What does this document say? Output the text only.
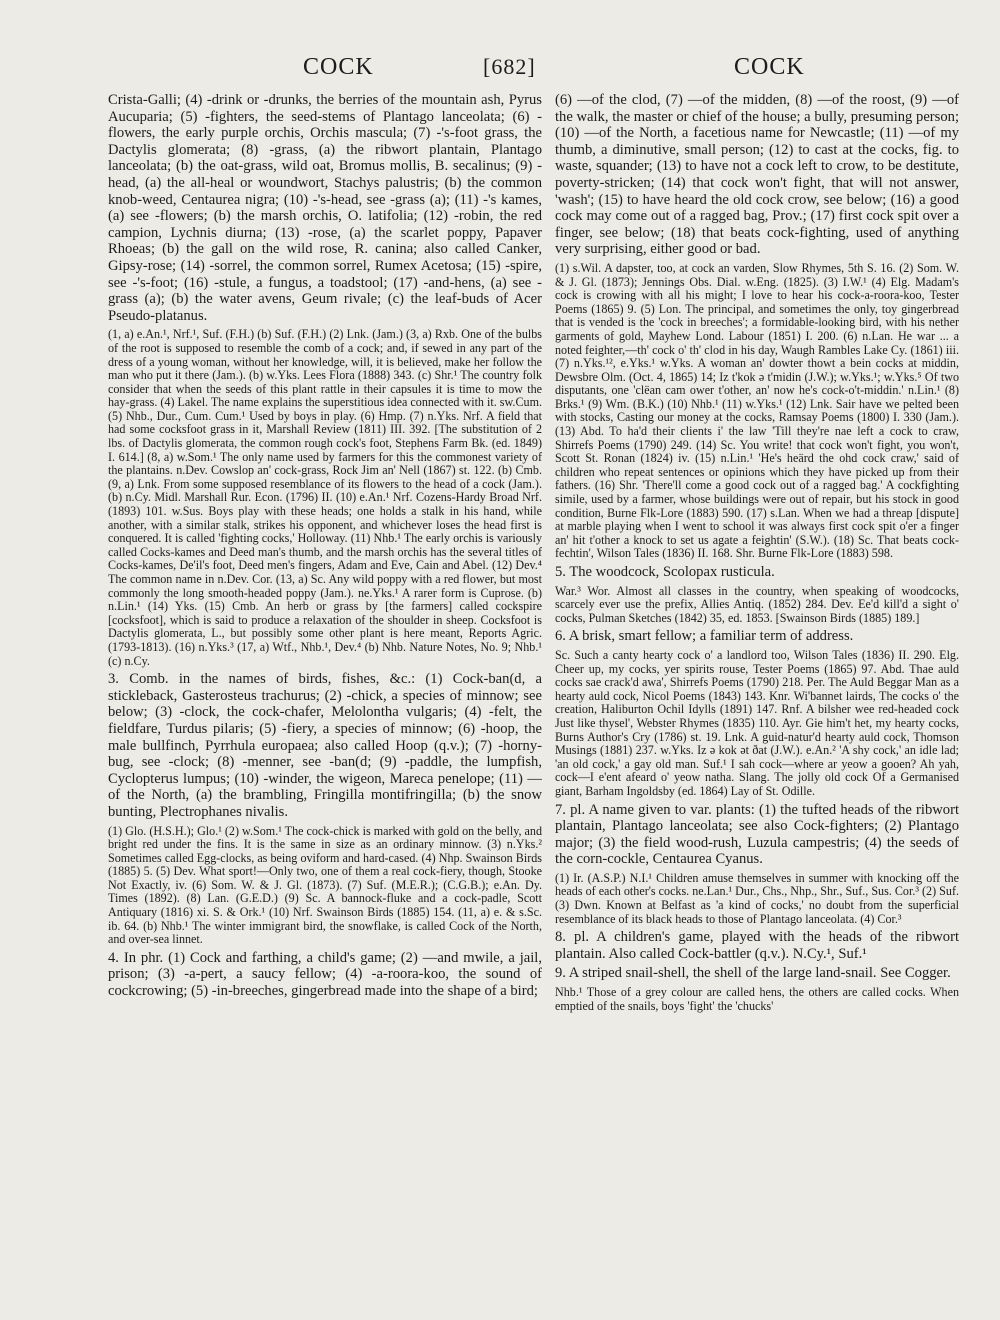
COCK	[682]	COCK

Crista-Galli; (4) -drink or -drunks, the berries of the mountain ash, Pyrus Aucuparia; (5) -fighters, the seed-stems of Plantago lanceolata; (6) -flowers, the early purple orchis, Orchis mascula; (7) -'s-foot grass, the Dactylis glomerata; (8) -grass, (a) the ribwort plantain, Plantago lanceolata; (b) the oat-grass, wild oat, Bromus mollis, B. secalinus; (9) -head, (a) the all-heal or woundwort, Stachys palustris; (b) the common knob-weed, Centaurea nigra; (10) -'s-head, see -grass (a); (11) -'s kames, (a) see -flowers; (b) the marsh orchis, O. latifolia; (12) -robin, the red campion, Lychnis diurna; (13) -rose, (a) the scarlet poppy, Papaver Rhoeas; (b) the gall on the wild rose, R. canina; also called Canker, Gipsy-rose; (14) -sorrel, the common sorrel, Rumex Acetosa; (15) -spire, see -'s-foot; (16) -stule, a fungus, a toadstool; (17) -and-hens, (a) see -grass (a); (b) the water avens, Geum rivale; (c) the leaf-buds of Acer Pseudo-platanus.

(1, a) e.An.¹, Nrf.¹, Suf. (F.H.) (b) Suf. (F.H.) (2) Lnk. (Jam.) (3, a) Rxb. One of the bulbs of the root is supposed to resemble the comb of a cock; and, if sewed in any part of the dress of a young woman, without her knowledge, will, it is believed, make her follow the man who put it there (Jam.). (b) w.Yks. Lees Flora (1888) 343. (c) Shr.¹ The country folk consider that when the seeds of this plant rattle in their capsules it is time to mow the hay-grass. (4) Lakel. The name explains the superstitious idea connected with it. sw.Cum. (5) Nhb., Dur., Cum. Cum.¹ Used by boys in play. (6) Hmp. (7) n.Yks. Nrf. A field that had some cocksfoot grass in it, Marshall Review (1811) III. 392. [The substitution of 2 lbs. of Dactylis glomerata, the common rough cock's foot, Stephens Farm Bk. (ed. 1849) I. 614.] (8, a) w.Som.¹ The only name used by farmers for this the commonest variety of the plantains. n.Dev. Cowslop an' cock-grass, Rock Jim an' Nell (1867) st. 122. (b) Cmb. (9, a) Lnk. From some supposed resemblance of its flowers to the head of a cock (Jam.). (b) n.Cy. Midl. Marshall Rur. Econ. (1796) II. (10) e.An.¹ Nrf. Cozens-Hardy Broad Nrf. (1893) 101. w.Sus. Boys play with these heads; one holds a stalk in his hand, while another, with a similar stalk, strikes his opponent, and whichever loses the head first is conquered. It is called 'fighting cocks,' Holloway. (11) Nhb.¹ The early orchis is variously called Cocks-kames and Deed man's thumb, and the marsh orchis has the several titles of Cocks-kames, De'il's foot, Deed men's fingers, Adam and Eve, Cain and Abel. (12) Dev.⁴ The common name in n.Dev. Cor. (13, a) Sc. Any wild poppy with a red flower, but most commonly the long smooth-headed poppy (Jam.). ne.Yks.¹ A rarer form is Cuprose. (b) n.Lin.¹ (14) Yks. (15) Cmb. An herb or grass by [the farmers] called cockspire [cocksfoot], which is said to produce a relaxation of the shoulder in sheep. Cocksfoot is Dactylis glomerata, L., but possibly some other plant is here meant, Reports Agric. (1793-1813). (16) n.Yks.³ (17, a) Wtf., Nhb.¹, Dev.⁴ (b) Nhb. Nature Notes, No. 9; Nhb.¹ (c) n.Cy.

3. Comb. in the names of birds, fishes, &c.: (1) Cock-ban(d, a stickleback, Gasterosteus trachurus; (2) -chick, a species of minnow; see below; (3) -clock, the cock-chafer, Melolontha vulgaris; (4) -felt, the fieldfare, Turdus pilaris; (5) -fiery, a species of minnow; (6) -hoop, the male bullfinch, Pyrrhula europaea; also called Hoop (q.v.); (7) -horny-bug, see -clock; (8) -menner, see -ban(d; (9) -paddle, the lumpfish, Cyclopterus lumpus; (10) -winder, the wigeon, Mareca penelope; (11) —of the North, (a) the brambling, Fringilla montifringilla; (b) the snow bunting, Plectrophanes nivalis.

(1) Glo. (H.S.H.); Glo.¹ (2) w.Som.¹ The cock-chick is marked with gold on the belly, and bright red under the fins. It is the same in size as an ordinary minnow. (3) n.Yks.² Sometimes called Egg-clocks, as being oviform and hard-cased. (4) Nhp. Swainson Birds (1885) 5. (5) Dev. What sport!—Only two, one of them a real cock-fiery, though, Stooke Not Exactly, iv. (6) Som. W. & J. Gl. (1873). (7) Suf. (M.E.R.); (C.G.B.); e.An. Dy. Times (1892). (8) Lan. (G.E.D.) (9) Sc. A bannock-fluke and a cock-padle, Scott Antiquary (1816) xi. S. & Ork.¹ (10) Nrf. Swainson Birds (1885) 154. (11, a) e. & s.Sc. ib. 64. (b) Nhb.¹ The winter immigrant bird, the snowflake, is called Cock of the North, and over-sea linnet.

4. In phr. (1) Cock and farthing, a child's game; (2) —and mwile, a jail, prison; (3) -a-pert, a saucy fellow; (4) -a-roora-koo, the sound of cockcrowing; (5) -in-breeches, gingerbread made into the shape of a bird;

(6) —of the clod, (7) —of the midden, (8) —of the roost, (9) —of the walk, the master or chief of the house; a bully, presuming person; (10) —of the North, a facetious name for Newcastle; (11) —of my thumb, a diminutive, small person; (12) to cast at the cocks, fig. to waste, squander; (13) to have not a cock left to crow, to be destitute, poverty-stricken; (14) that cock won't fight, that will not answer, 'wash'; (15) to have heard the old cock crow, see below; (16) a good cock may come out of a ragged bag, Prov.; (17) first cock spit over a finger, see below; (18) that beats cock-fighting, used of anything very surprising, either good or bad.

(1) s.Wil. A dapster, too, at cock an varden, Slow Rhymes, 5th S. 16. (2) Som. W. & J. Gl. (1873); Jennings Obs. Dial. w.Eng. (1825). (3) I.W.¹ (4) Elg. Madam's cock is crowing with all his might; I love to hear his cock-a-roora-koo, Tester Poems (1865) 9. (5) Lon. The principal, and sometimes the only, toy gingerbread that is vended is the 'cock in breeches'; a formidable-looking bird, with his nether garments of gold, Mayhew Lond. Labour (1851) I. 200. (6) n.Lan. He war ... a noted feighter,—th' cock o' th' clod in his day, Waugh Rambles Lake Cy. (1861) iii. (7) n.Yks.¹², e.Yks.¹ w.Yks. A woman an' dowter thowt a bein cocks at middin, Dewsbre Olm. (Oct. 4, 1865) 14; Iz t'kok ə t'midin (J.W.); w.Yks.¹; w.Yks.⁵ Of two disputants, one 'clëan cam ower t'other, an' now he's cock-o't-middin.' n.Lin.¹ (8) Brks.¹ (9) Wm. (B.K.) (10) Nhb.¹ (11) w.Yks.¹ (12) Lnk. Sair have we pelted been with stocks, Casting our money at the cocks, Ramsay Poems (1800) I. 330 (Jam.). (13) Abd. To ha'd their clients i' the law 'Till they're nae left a cock to craw, Shirrefs Poems (1790) 249. (14) Sc. You write! that cock won't fight, you won't, Scott St. Ronan (1824) iv. (15) n.Lin.¹ 'He's heärd the ohd cock craw,' said of children who repeat sentences or opinions which they have picked up from their fathers. (16) Shr. 'There'll come a good cock out of a ragged bag.' A cockfighting simile, used by a farmer, whose buildings were out of repair, but his stock in good condition, Burne Flk-Lore (1883) 590. (17) s.Lan. When we had a threap [dispute] at marble playing when I went to school it was always first cock spit o'er a finger an' hit t'other a knock to set us agate a feightin' (S.W.). (18) Sc. That beats cock-fechtin', Wilson Tales (1836) II. 168. Shr. Burne Flk-Lore (1883) 598.

5. The woodcock, Scolopax rusticula.

War.³ Wor. Almost all classes in the country, when speaking of woodcocks, scarcely ever use the prefix, Allies Antiq. (1852) 284. Dev. Ee'd kill'd a sight o' cocks, Pulman Sketches (1842) 35, ed. 1853. [Swainson Birds (1885) 189.]

6. A brisk, smart fellow; a familiar term of address.

Sc. Such a canty hearty cock o' a landlord too, Wilson Tales (1836) II. 290. Elg. Cheer up, my cocks, yer spirits rouse, Tester Poems (1865) 97. Abd. Thae auld cocks sae crack'd awa', Shirrefs Poems (1790) 218. Per. The Auld Beggar Man as a hearty auld cock, Nicol Poems (1843) 143. Knr. Wi'bannet lairds, The cocks o' the creation, Haliburton Ochil Idylls (1891) 147. Rnf. A bilsher wee red-headed cock Just like thysel', Webster Rhymes (1835) 110. Ayr. Gie him't het, my hearty cocks, Burns Author's Cry (1786) st. 19. Lnk. A guid-natur'd hearty auld cock, Thomson Musings (1881) 237. w.Yks. Iz ə kok ət ðat (J.W.). e.An.² 'A shy cock,' an idle lad; 'an old cock,' a gay old man. Suf.¹ I sah cock—where ar yeow a gooen? Ah yah, cock—I e'ent afeard o' yeow natha. Slang. The jolly old cock Of a Germanised giant, Barham Ingoldsby (ed. 1864) Lay of St. Odille.

7. pl. A name given to var. plants: (1) the tufted heads of the ribwort plantain, Plantago lanceolata; see also Cock-fighters; (2) Plantago major; (3) the field wood-rush, Luzula campestris; (4) the seeds of the corn-cockle, Centaurea Cyanus.

(1) Ir. (A.S.P.) N.I.¹ Children amuse themselves in summer with knocking off the heads of each other's cocks. ne.Lan.¹ Dur., Chs., Nhp., Shr., Suf., Sus. Cor.³ (2) Suf. (3) Dwn. Known at Belfast as 'a kind of cocks,' no doubt from the superficial resemblance of its black heads to those of Plantago lanceolata. (4) Cor.³

8. pl. A children's game, played with the heads of the ribwort plantain. Also called Cock-battler (q.v.). N.Cy.¹, Suf.¹

9. A striped snail-shell, the shell of the large land-snail. See Cogger.

Nhb.¹ Those of a grey colour are called hens, the others are called cocks. When emptied of the snails, boys 'fight' the 'chucks'
